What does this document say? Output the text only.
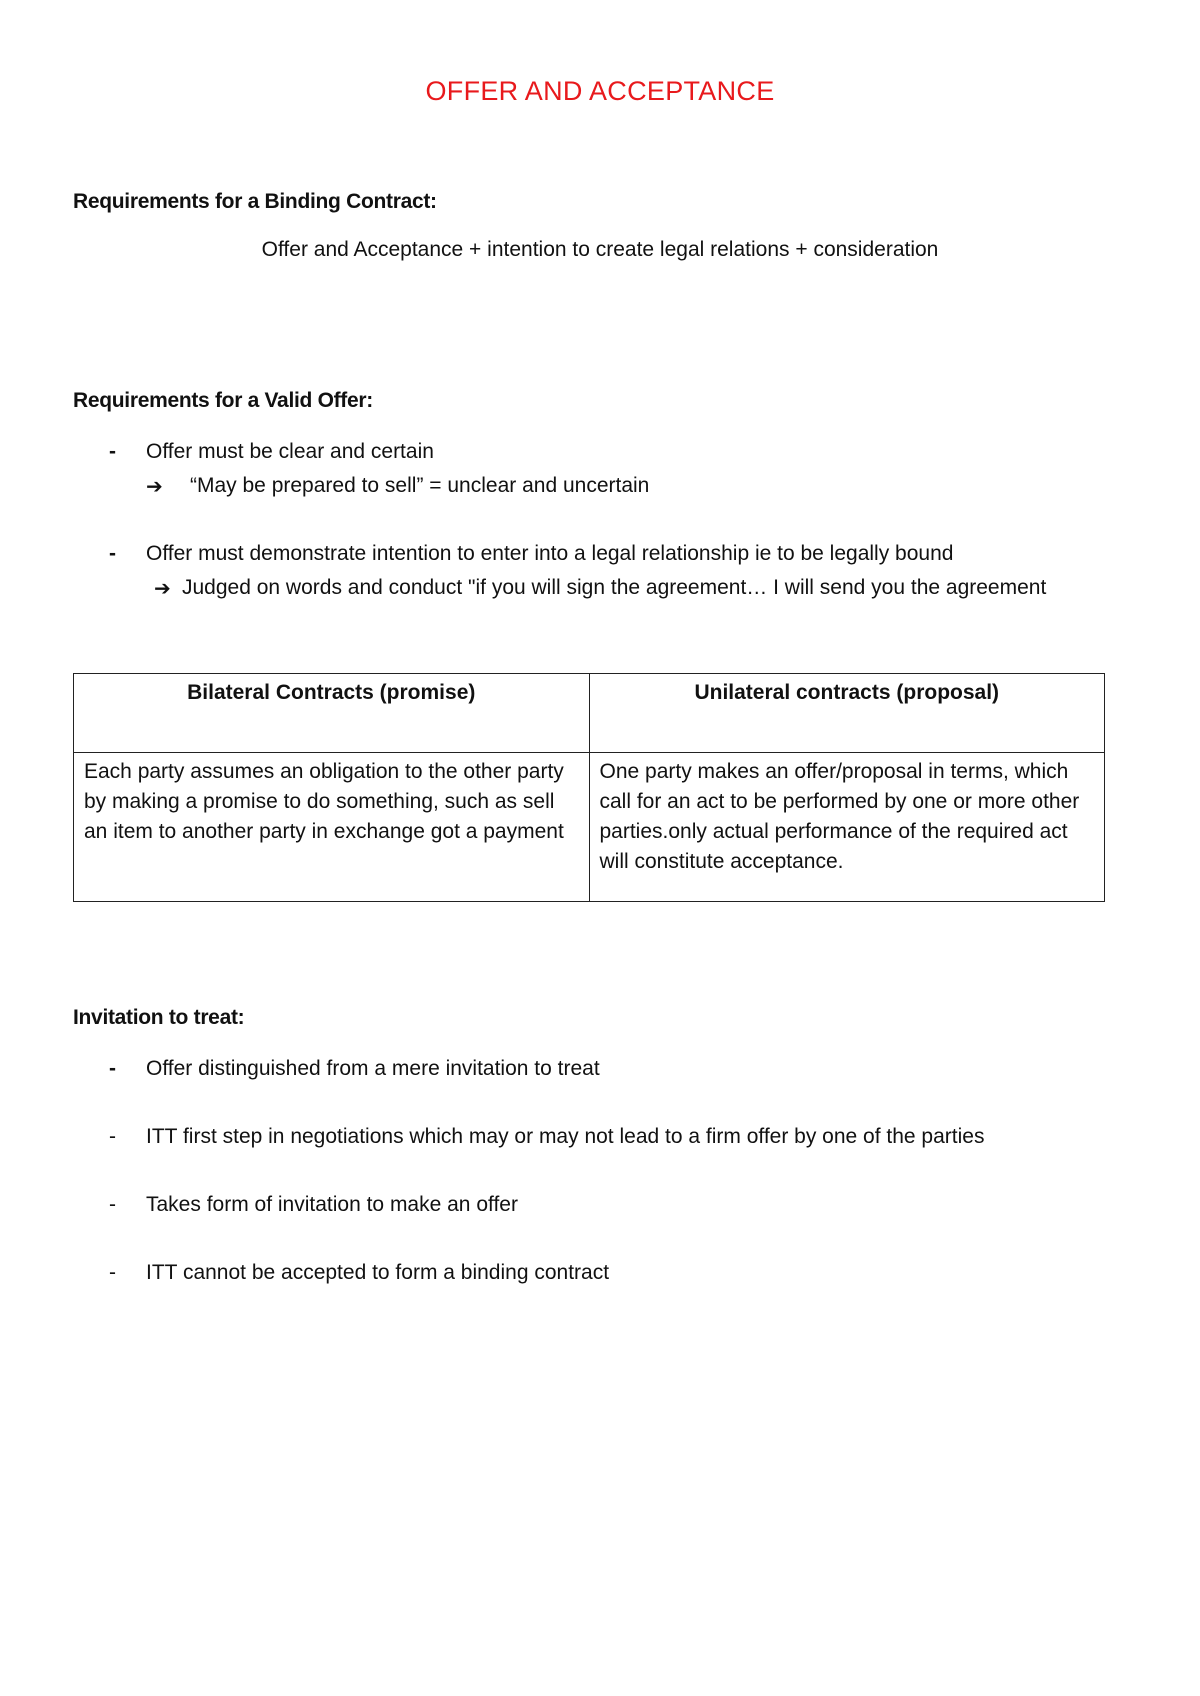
OFFER AND ACCEPTANCE
Requirements for a Binding Contract:
Offer and Acceptance + intention to create legal relations + consideration
Requirements for a Valid Offer:
- Offer must be clear and certain
➔ “May be prepared to sell” = unclear and uncertain
- Offer must demonstrate intention to enter into a legal relationship ie to be legally bound
➔ Judged on words and conduct "if you will sign the agreement… I will send you the agreement
Bilateral Contracts (promise)	Unilateral contracts (proposal)
Each party assumes an obligation to the other party by making a promise to do something, such as sell an item to another party in exchange got a payment	One party makes an offer/proposal in terms, which call for an act to be performed by one or more other parties.only actual performance of the required act will constitute acceptance.
Invitation to treat:
- Offer distinguished from a mere invitation to treat
- ITT first step in negotiations which may or may not lead to a firm offer by one of the parties
- Takes form of invitation to make an offer
- ITT cannot be accepted to form a binding contract
